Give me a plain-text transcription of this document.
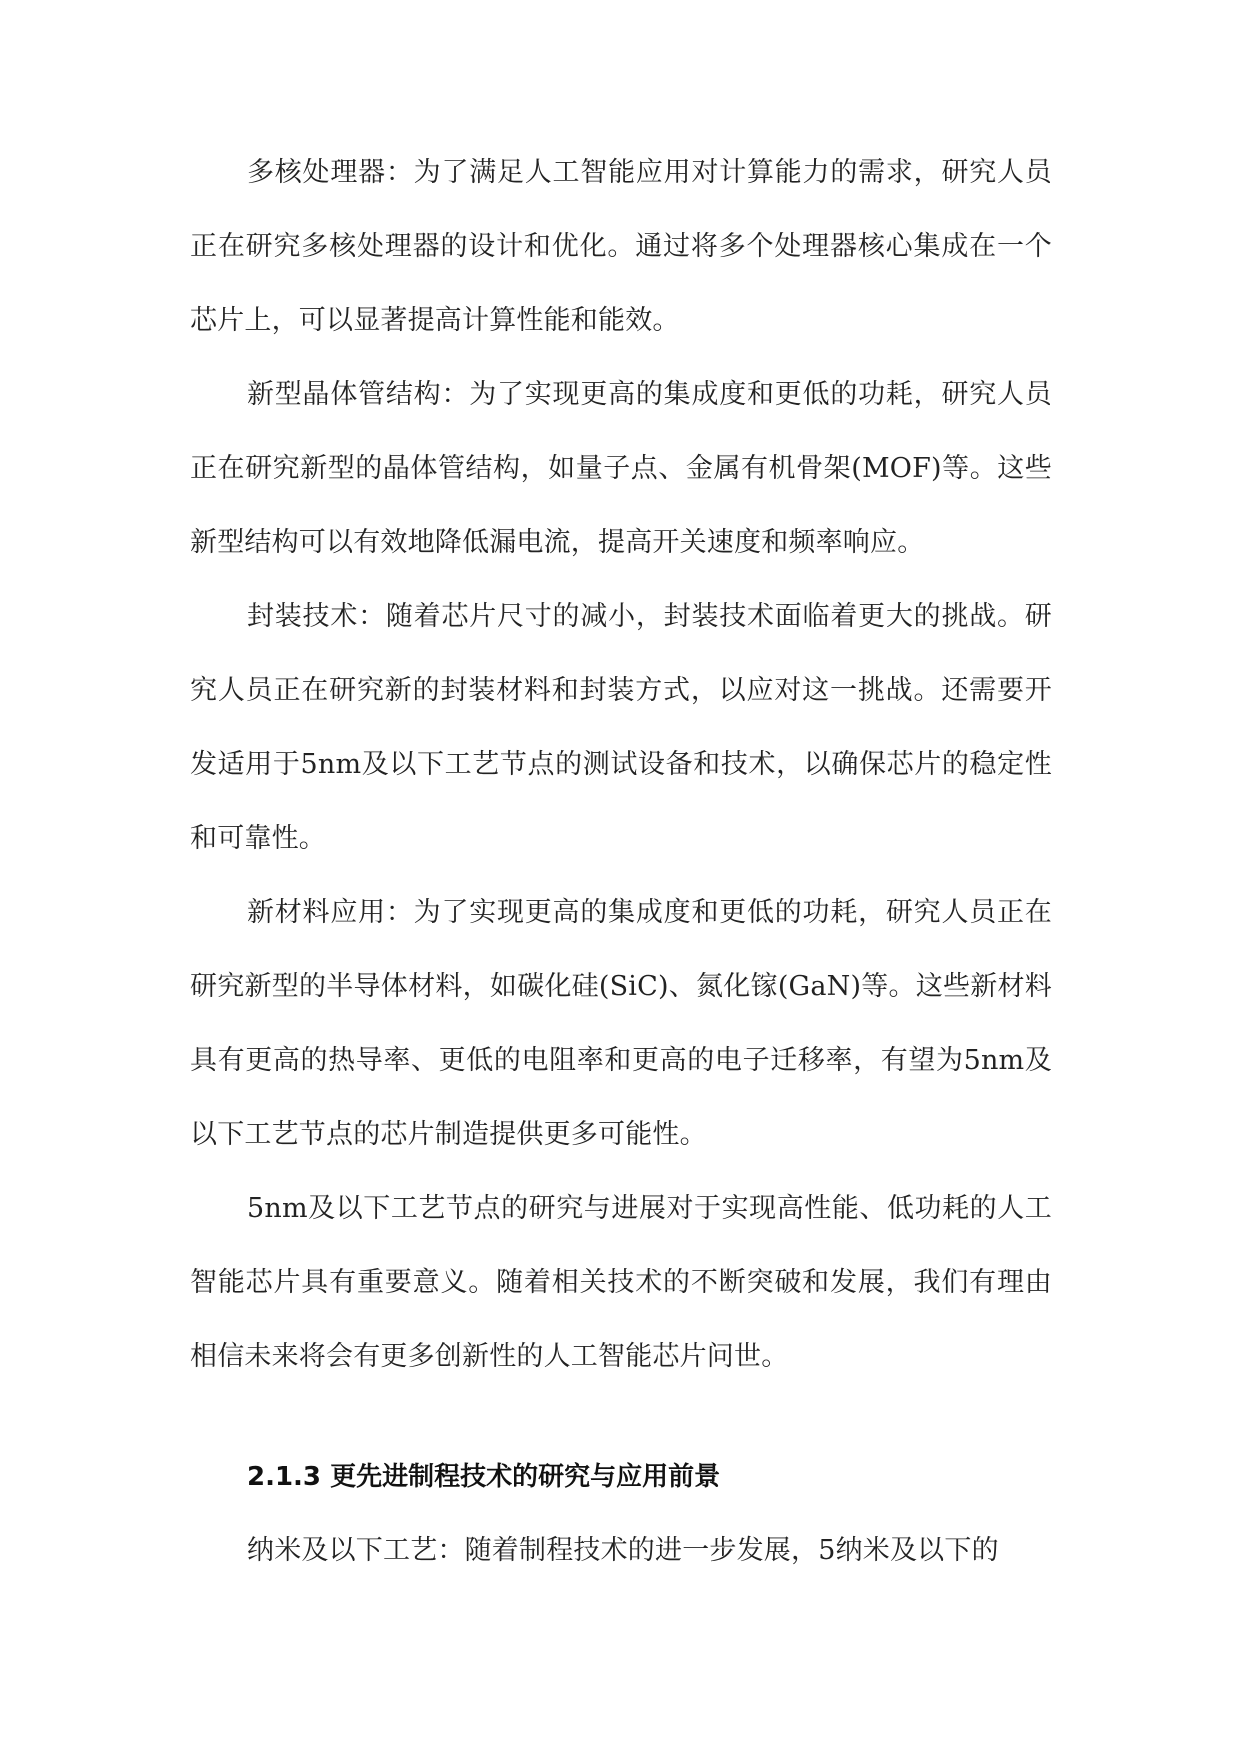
多核处理器：为了满足人工智能应用对计算能力的需求，研究人员正在研究多核处理器的设计和优化。通过将多个处理器核心集成在一个芯片上，可以显著提高计算性能和能效。

新型晶体管结构：为了实现更高的集成度和更低的功耗，研究人员正在研究新型的晶体管结构，如量子点、金属有机骨架(MOF)等。这些新型结构可以有效地降低漏电流，提高开关速度和频率响应。

封装技术：随着芯片尺寸的减小，封装技术面临着更大的挑战。研究人员正在研究新的封装材料和封装方式，以应对这一挑战。还需要开发适用于5nm及以下工艺节点的测试设备和技术，以确保芯片的稳定性和可靠性。

新材料应用：为了实现更高的集成度和更低的功耗，研究人员正在研究新型的半导体材料，如碳化硅(SiC)、氮化镓(GaN)等。这些新材料具有更高的热导率、更低的电阻率和更高的电子迁移率，有望为5nm及以下工艺节点的芯片制造提供更多可能性。

5nm及以下工艺节点的研究与进展对于实现高性能、低功耗的人工智能芯片具有重要意义。随着相关技术的不断突破和发展，我们有理由相信未来将会有更多创新性的人工智能芯片问世。

2.1.3 更先进制程技术的研究与应用前景

纳米及以下工艺：随着制程技术的进一步发展，5纳米及以下的
